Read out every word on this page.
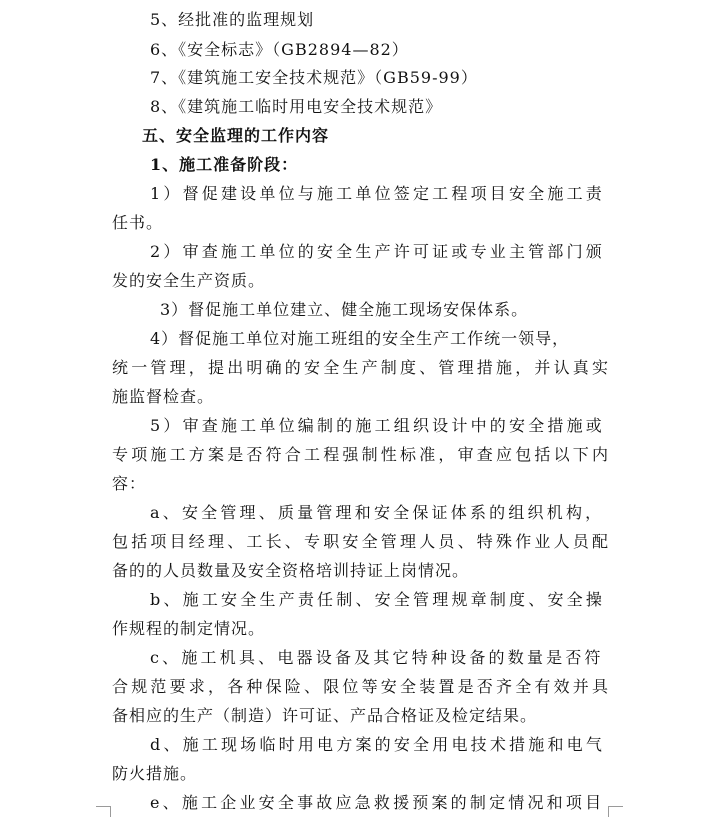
5、经批准的监理规划
6、《安全标志》（GB2894—82）
7、《建筑施工安全技术规范》（GB59-99）
8、《建筑施工临时用电安全技术规范》
五、安全监理的工作内容
1、施工准备阶段：
1）督促建设单位与施工单位签定工程项目安全施工责
任书。
2）审查施工单位的安全生产许可证或专业主管部门颁
发的安全生产资质。
3）督促施工单位建立、健全施工现场安保体系。
4）督促施工单位对施工班组的安全生产工作统一领导，
统一管理，提出明确的安全生产制度、管理措施，并认真实
施监督检查。
5）审查施工单位编制的施工组织设计中的安全措施或
专项施工方案是否符合工程强制性标准，审查应包括以下内
容：
a、安全管理、质量管理和安全保证体系的组织机构，
包括项目经理、工长、专职安全管理人员、特殊作业人员配
备的的人员数量及安全资格培训持证上岗情况。
b、施工安全生产责任制、安全管理规章制度、安全操
作规程的制定情况。
c、施工机具、电器设备及其它特种设备的数量是否符
合规范要求，各种保险、限位等安全装置是否齐全有效并具
备相应的生产（制造）许可证、产品合格证及检定结果。
d、施工现场临时用电方案的安全用电技术措施和电气
防火措施。
e、施工企业安全事故应急救援预案的制定情况和项目
